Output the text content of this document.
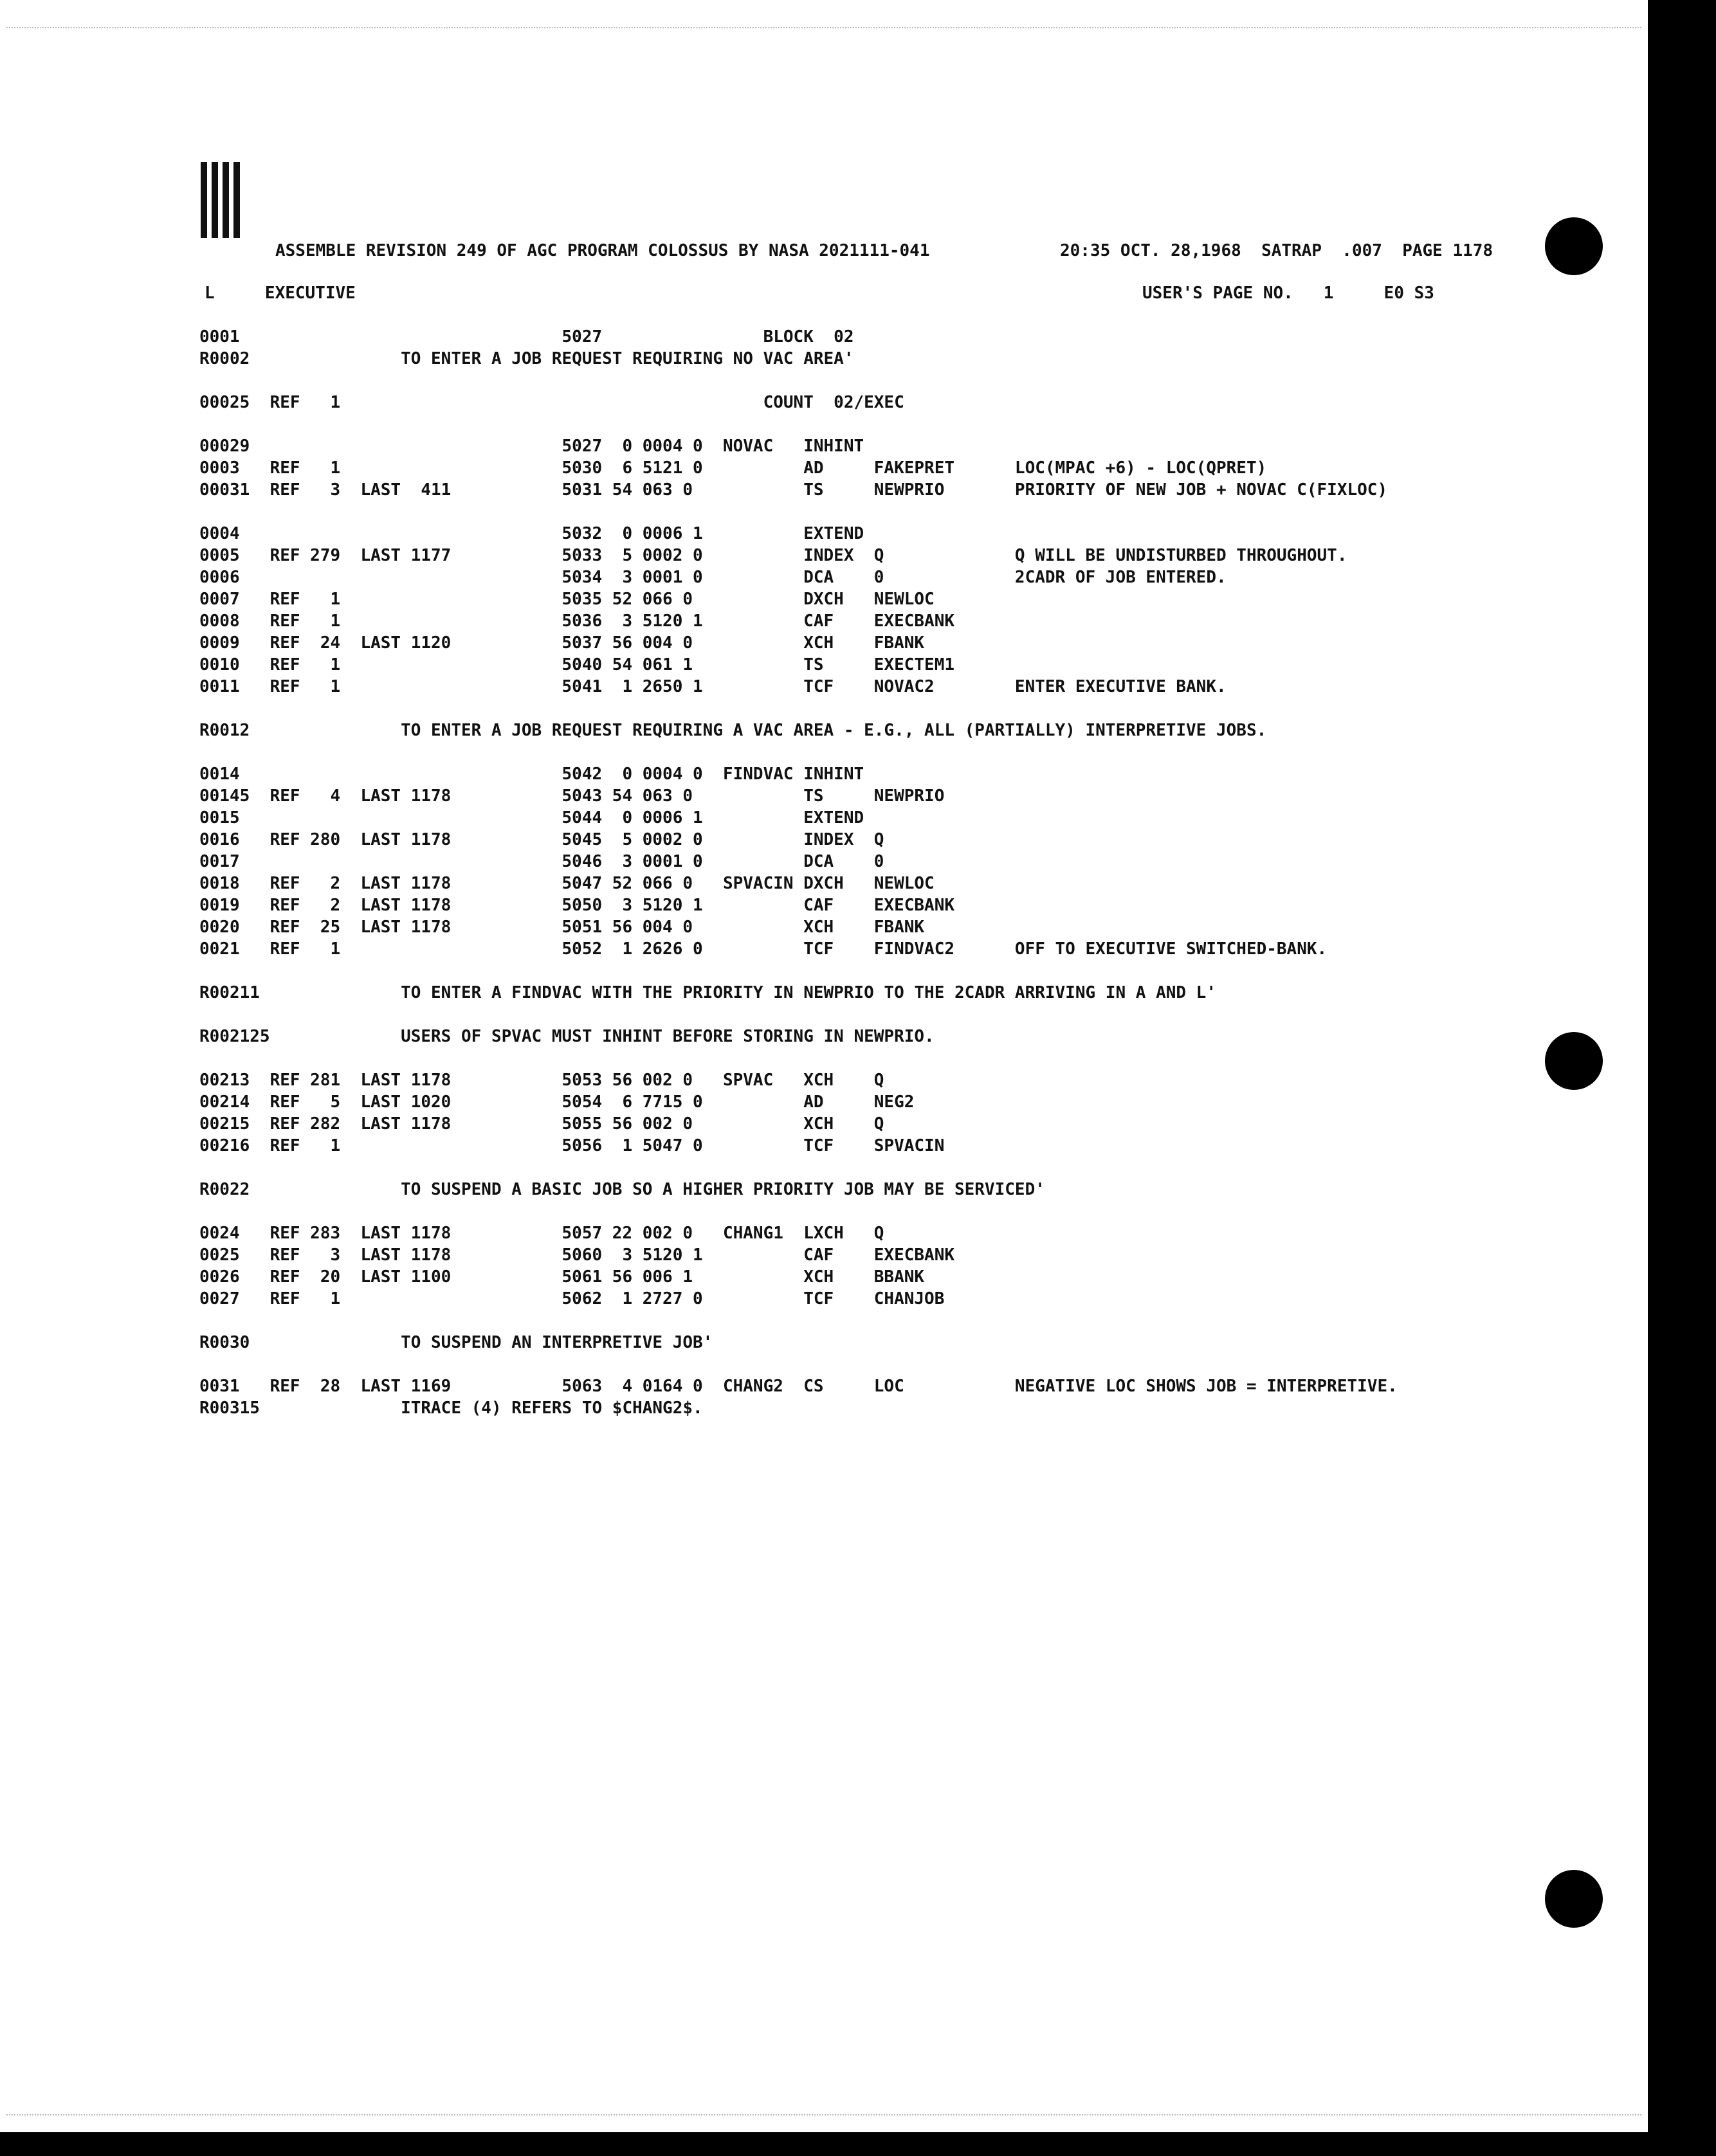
ASSEMBLE REVISION 249 OF AGC PROGRAM COLOSSUS BY NASA 2021111-041	20:35 OCT. 28,1968  SATRAP  .007  PAGE 1178
L     EXECUTIVE	USER'S PAGE NO.   1     E0 S3
0001                                5027                BLOCK  02
R0002               TO ENTER A JOB REQUEST REQUIRING NO VAC AREA'
00025  REF   1                                          COUNT  02/EXEC
00029                               5027  0 0004 0  NOVAC   INHINT
0003   REF   1                      5030  6 5121 0          AD     FAKEPRET      LOC(MPAC +6) - LOC(QPRET)
00031  REF   3  LAST  411           5031 54 063 0           TS     NEWPRIO       PRIORITY OF NEW JOB + NOVAC C(FIXLOC)
0004                                5032  0 0006 1          EXTEND
0005   REF 279  LAST 1177           5033  5 0002 0          INDEX  Q             Q WILL BE UNDISTURBED THROUGHOUT.
0006                                5034  3 0001 0          DCA    0             2CADR OF JOB ENTERED.
0007   REF   1                      5035 52 066 0           DXCH   NEWLOC
0008   REF   1                      5036  3 5120 1          CAF    EXECBANK
0009   REF  24  LAST 1120           5037 56 004 0           XCH    FBANK
0010   REF   1                      5040 54 061 1           TS     EXECTEM1
0011   REF   1                      5041  1 2650 1          TCF    NOVAC2        ENTER EXECUTIVE BANK.
R0012               TO ENTER A JOB REQUEST REQUIRING A VAC AREA - E.G., ALL (PARTIALLY) INTERPRETIVE JOBS.
0014                                5042  0 0004 0  FINDVAC INHINT
00145  REF   4  LAST 1178           5043 54 063 0           TS     NEWPRIO
0015                                5044  0 0006 1          EXTEND
0016   REF 280  LAST 1178           5045  5 0002 0          INDEX  Q
0017                                5046  3 0001 0          DCA    0
0018   REF   2  LAST 1178           5047 52 066 0   SPVACIN DXCH   NEWLOC
0019   REF   2  LAST 1178           5050  3 5120 1          CAF    EXECBANK
0020   REF  25  LAST 1178           5051 56 004 0           XCH    FBANK
0021   REF   1                      5052  1 2626 0          TCF    FINDVAC2      OFF TO EXECUTIVE SWITCHED-BANK.
R00211              TO ENTER A FINDVAC WITH THE PRIORITY IN NEWPRIO TO THE 2CADR ARRIVING IN A AND L'
R002125             USERS OF SPVAC MUST INHINT BEFORE STORING IN NEWPRIO.
00213  REF 281  LAST 1178           5053 56 002 0   SPVAC   XCH    Q
00214  REF   5  LAST 1020           5054  6 7715 0          AD     NEG2
00215  REF 282  LAST 1178           5055 56 002 0           XCH    Q
00216  REF   1                      5056  1 5047 0          TCF    SPVACIN
R0022               TO SUSPEND A BASIC JOB SO A HIGHER PRIORITY JOB MAY BE SERVICED'
0024   REF 283  LAST 1178           5057 22 002 0   CHANG1  LXCH   Q
0025   REF   3  LAST 1178           5060  3 5120 1          CAF    EXECBANK
0026   REF  20  LAST 1100           5061 56 006 1           XCH    BBANK
0027   REF   1                      5062  1 2727 0          TCF    CHANJOB
R0030               TO SUSPEND AN INTERPRETIVE JOB'
0031   REF  28  LAST 1169           5063  4 0164 0  CHANG2  CS     LOC           NEGATIVE LOC SHOWS JOB = INTERPRETIVE.
R00315              ITRACE (4) REFERS TO $CHANG2$.
